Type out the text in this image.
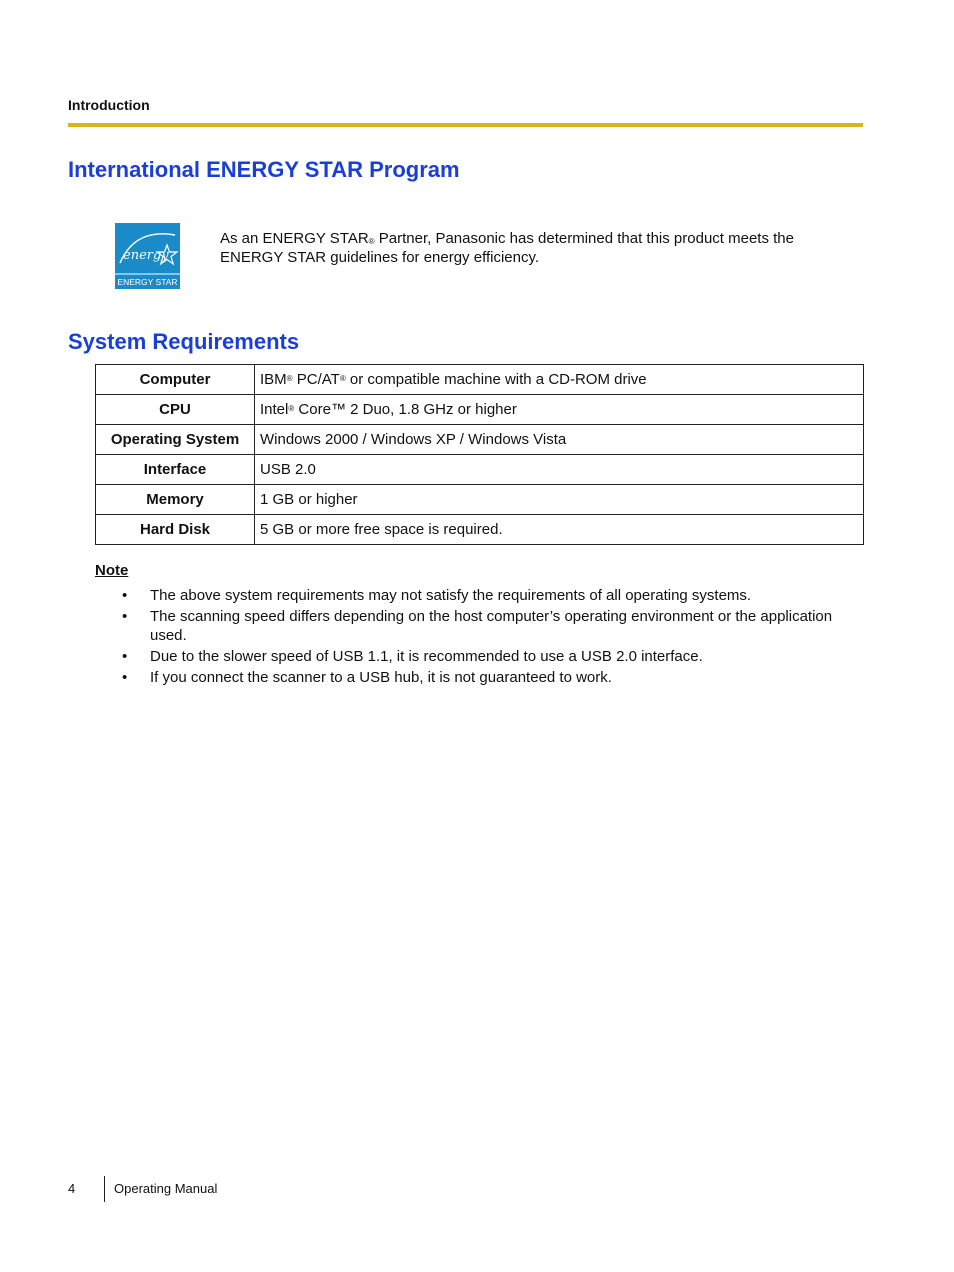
Introduction
International ENERGY STAR Program
energy
ENERGY STAR
As an ENERGY STAR® Partner, Panasonic has determined that this product meets the ENERGY STAR guidelines for energy efficiency.
System Requirements
Computer	IBM® PC/AT® or compatible machine with a CD-ROM drive
CPU	Intel® Core™ 2 Duo, 1.8 GHz or higher
Operating System	Windows 2000 / Windows XP / Windows Vista
Interface	USB 2.0
Memory	1 GB or higher
Hard Disk	5 GB or more free space is required.
Note
• The above system requirements may not satisfy the requirements of all operating systems.
• The scanning speed differs depending on the host computer’s operating environment or the application used.
• Due to the slower speed of USB 1.1, it is recommended to use a USB 2.0 interface.
• If you connect the scanner to a USB hub, it is not guaranteed to work.
4	Operating Manual
